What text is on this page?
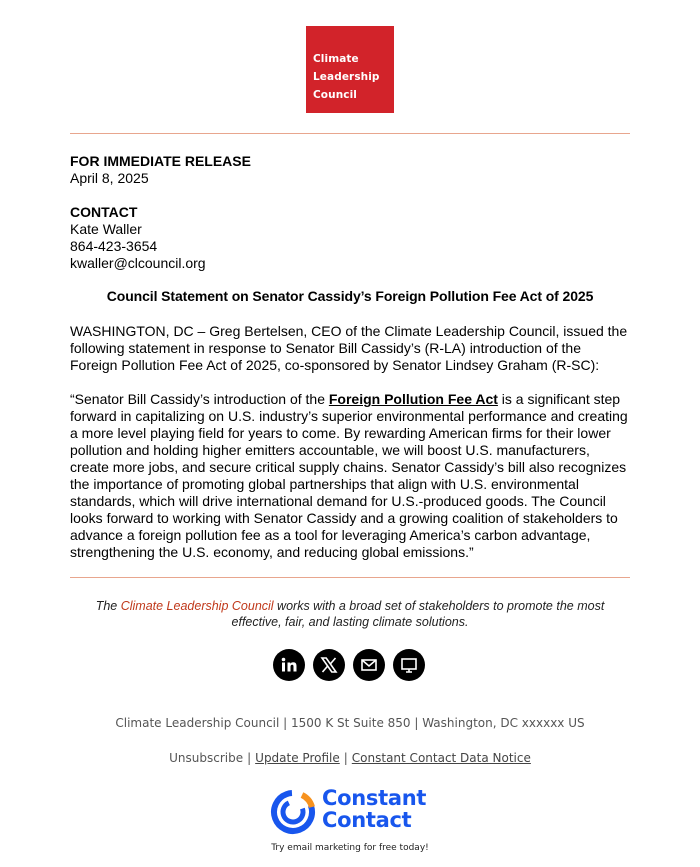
Climate
Leadership
Council

FOR IMMEDIATE RELEASE

April 8, 2025

CONTACT

Kate Waller

864-423-3654

kwaller@clcouncil.org

Council Statement on Senator Cassidy’s Foreign Pollution Fee Act of 2025

WASHINGTON, DC – Greg Bertelsen, CEO of the Climate Leadership Council, issued the following statement in response to Senator Bill Cassidy’s (R-LA) introduction of the Foreign Pollution Fee Act of 2025, co-sponsored by Senator Lindsey Graham (R-SC):

“Senator Bill Cassidy’s introduction of the Foreign Pollution Fee Act is a significant step forward in capitalizing on U.S. industry’s superior environmental performance and creating a more level playing field for years to come. By rewarding American firms for their lower pollution and holding higher emitters accountable, we will boost U.S. manufacturers, create more jobs, and secure critical supply chains. Senator Cassidy’s bill also recognizes the importance of promoting global partnerships that align with U.S. environmental standards, which will drive international demand for U.S.-produced goods. The Council looks forward to working with Senator Cassidy and a growing coalition of stakeholders to advance a foreign pollution fee as a tool for leveraging America’s carbon advantage, strengthening the U.S. economy, and reducing global emissions.”

The Climate Leadership Council works with a broad set of stakeholders to promote the most effective, fair, and lasting climate solutions.
Climate Leadership Council | 1500 K St Suite 850 | Washington, DC xxxxxx US
Unsubscribe | Update Profile | Constant Contact Data Notice
Constant
Contact
Try email marketing for free today!
